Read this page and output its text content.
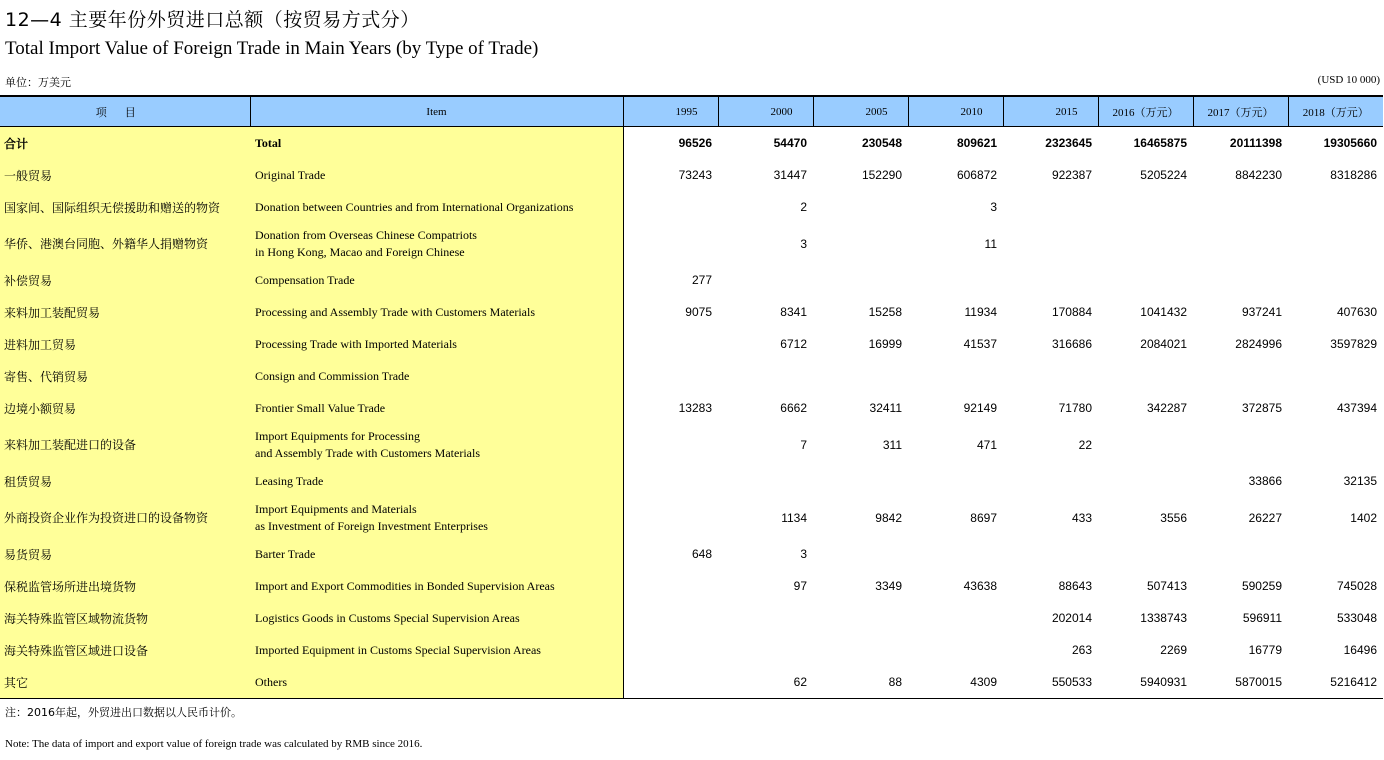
12—4 主要年份外贸进口总额（按贸易方式分）
Total Import Value of Foreign Trade in Main Years (by Type of Trade)
单位：万美元	(USD 10 000)
项目	Item	1995	2000	2005	2010	2015	2016（万元）	2017（万元）	2018（万元）
合计	Total	96526	54470	230548	809621	2323645	16465875	20111398	19305660
一般贸易	Original Trade	73243	31447	152290	606872	922387	5205224	8842230	8318286
国家间、国际组织无偿援助和赠送的物资	Donation between Countries and from International Organizations		2		3				
华侨、港澳台同胞、外籍华人捐赠物资	Donation from Overseas Chinese Compatriots
in Hong Kong, Macao and Foreign Chinese		3		11				
补偿贸易	Compensation Trade	277							
来料加工装配贸易	Processing and Assembly Trade with Customers Materials	9075	8341	15258	11934	170884	1041432	937241	407630
进料加工贸易	Processing Trade with Imported Materials		6712	16999	41537	316686	2084021	2824996	3597829
寄售、代销贸易	Consign and Commission Trade								
边境小额贸易	Frontier Small Value Trade	13283	6662	32411	92149	71780	342287	372875	437394
来料加工装配进口的设备	Import Equipments for Processing
and Assembly Trade with Customers Materials		7	311	471	22			
租赁贸易	Leasing Trade							33866	32135
外商投资企业作为投资进口的设备物资	Import Equipments and Materials
as Investment of Foreign Investment Enterprises		1134	9842	8697	433	3556	26227	1402
易货贸易	Barter Trade	648	3						
保税监管场所进出境货物	Import and Export Commodities in Bonded Supervision Areas		97	3349	43638	88643	507413	590259	745028
海关特殊监管区域物流货物	Logistics Goods in Customs Special Supervision Areas					202014	1338743	596911	533048
海关特殊监管区域进口设备	Imported Equipment in Customs Special Supervision Areas					263	2269	16779	16496
其它	Others		62	88	4309	550533	5940931	5870015	5216412
注：2016年起，外贸进出口数据以人民币计价。
Note: The data of import and export value of foreign trade was calculated by RMB since 2016.
